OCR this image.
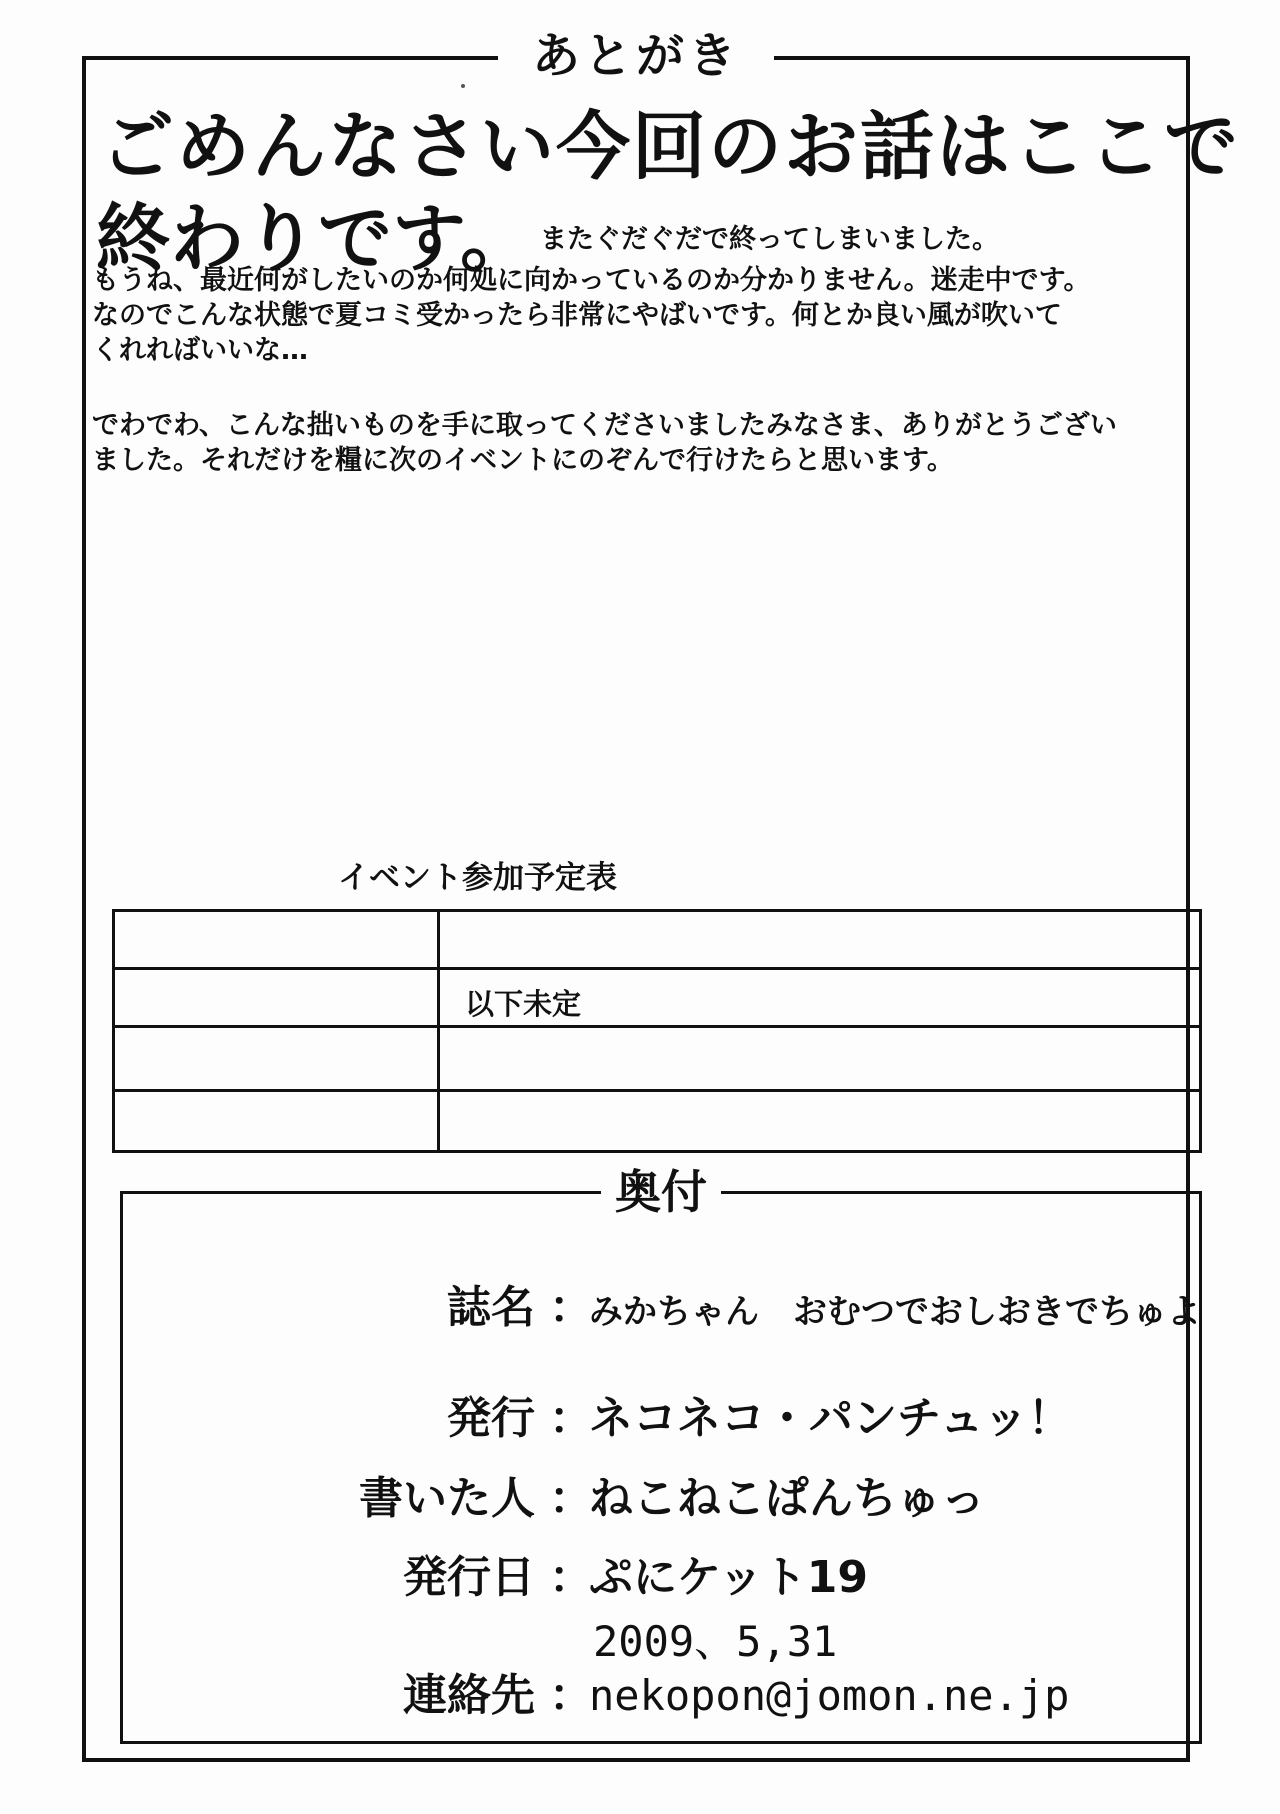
あとがき
ごめんなさい今回のお話はここで
終わりです。 またぐだぐだで終ってしまいました。
もうね、最近何がしたいのか何処に向かっているのか分かりません。迷走中です。
なのでこんな状態で夏コミ受かったら非常にやばいです。何とか良い風が吹いて
くれればいいな…
でわでわ、こんな拙いものを手に取ってくださいましたみなさま、ありがとうござい
ました。それだけを糧に次のイベントにのぞんで行けたらと思います。
イベント参加予定表
以下未定
奥付
誌名 ：
みかちゃん　おむつでおしおきでちゅよ
発行 ：
ネコネコ・パンチュッ！
書いた人 ：
ねこねこぱんちゅっ
発行日 ：
ぷにケット19
2009、5,31
連絡先 ：
nekopon@jomon.ne.jp
